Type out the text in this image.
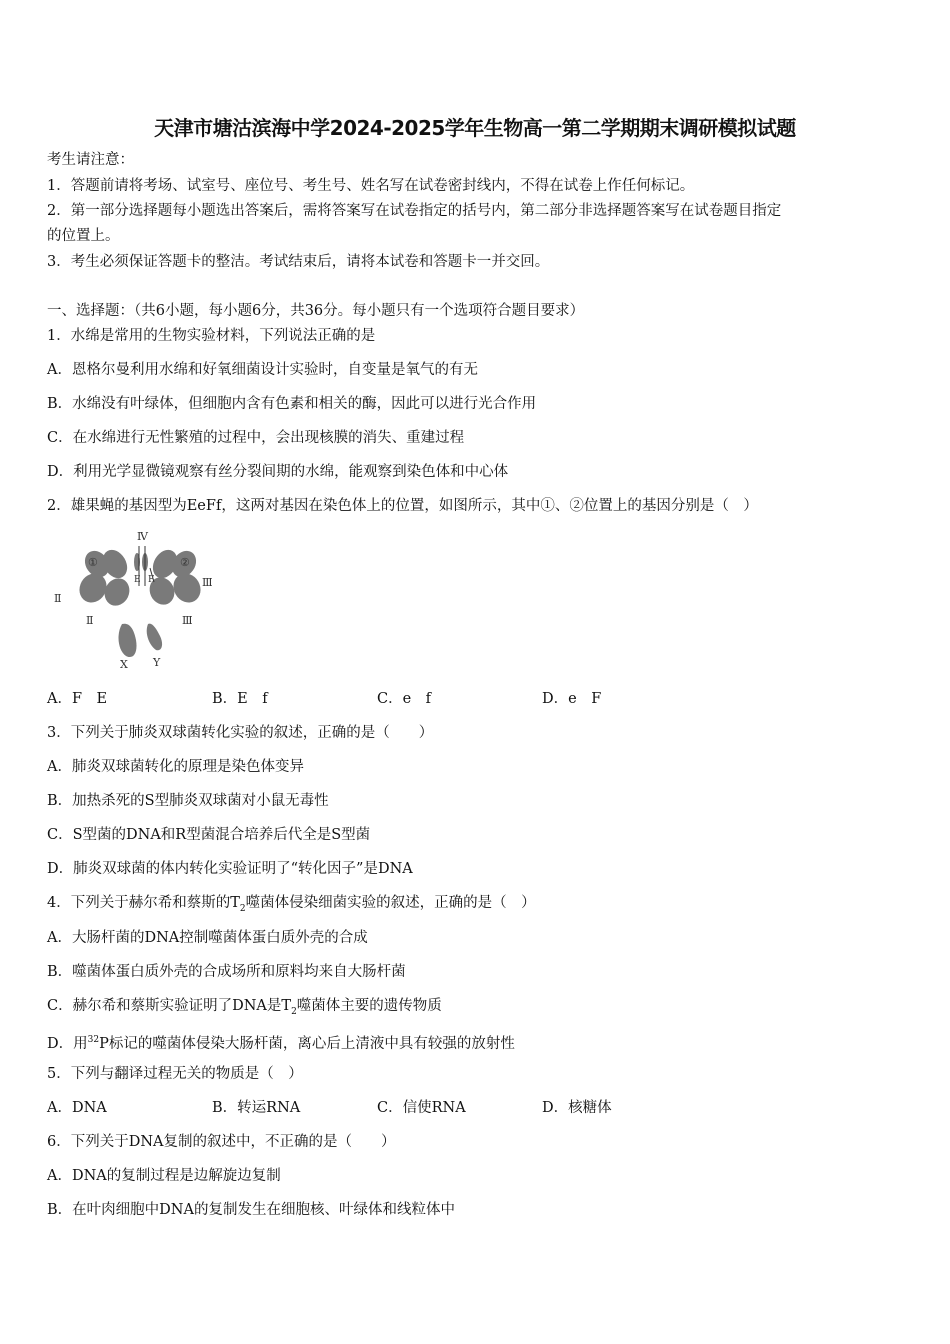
天津市塘沽滨海中学2024-2025学年生物高一第二学期期末调研模拟试题
考生请注意：
1．答题前请将考场、试室号、座位号、考生号、姓名写在试卷密封线内，不得在试卷上作任何标记。
2．第一部分选择题每小题选出答案后，需将答案写在试卷指定的括号内，第二部分非选择题答案写在试卷题目指定
的位置上。
3．考生必须保证答题卡的整洁。考试结束后，请将本试卷和答题卡一并交回。
一、选择题：（共6小题，每小题6分，共36分。每小题只有一个选项符合题目要求）
1．水绵是常用的生物实验材料，下列说法正确的是
A．恩格尔曼利用水绵和好氧细菌设计实验时，自变量是氧气的有无
B．水绵没有叶绿体，但细胞内含有色素和相关的酶，因此可以进行光合作用
C．在水绵进行无性繁殖的过程中，会出现核膜的消失、重建过程
D．利用光学显微镜观察有丝分裂间期的水绵，能观察到染色体和中心体
2．雄果蝇的基因型为EeFf，这两对基因在染色体上的位置，如图所示，其中①、②位置上的基因分别是（　）
①	②
Ⅳ
Ⅱ
Ⅱ
Ⅲ
Ⅲ
X Y
E F
A．F　E	B．E　f	C．e　f	D．e　F
3．下列关于肺炎双球菌转化实验的叙述，正确的是（　　）
A．肺炎双球菌转化的原理是染色体变异
B．加热杀死的S型肺炎双球菌对小鼠无毒性
C．S型菌的DNA和R型菌混合培养后代全是S型菌
D．肺炎双球菌的体内转化实验证明了“转化因子”是DNA
4．下列关于赫尔希和蔡斯的$T_2$噬菌体侵染细菌实验的叙述，正确的是（　）
A．大肠杆菌的DNA控制噬菌体蛋白质外壳的合成
B．噬菌体蛋白质外壳的合成场所和原料均来自大肠杆菌
C．赫尔希和蔡斯实验证明了DNA是$T_2$噬菌体主要的遗传物质
D．用$^{32}$P标记的噬菌体侵染大肠杆菌，离心后上清液中具有较强的放射性
5．下列与翻译过程无关的物质是（　）
A．DNA	B．转运RNA	C．信使RNA	D．核糖体
6．下列关于DNA复制的叙述中，不正确的是（　　）
A．DNA的复制过程是边解旋边复制
B．在叶肉细胞中DNA的复制发生在细胞核、叶绿体和线粒体中
